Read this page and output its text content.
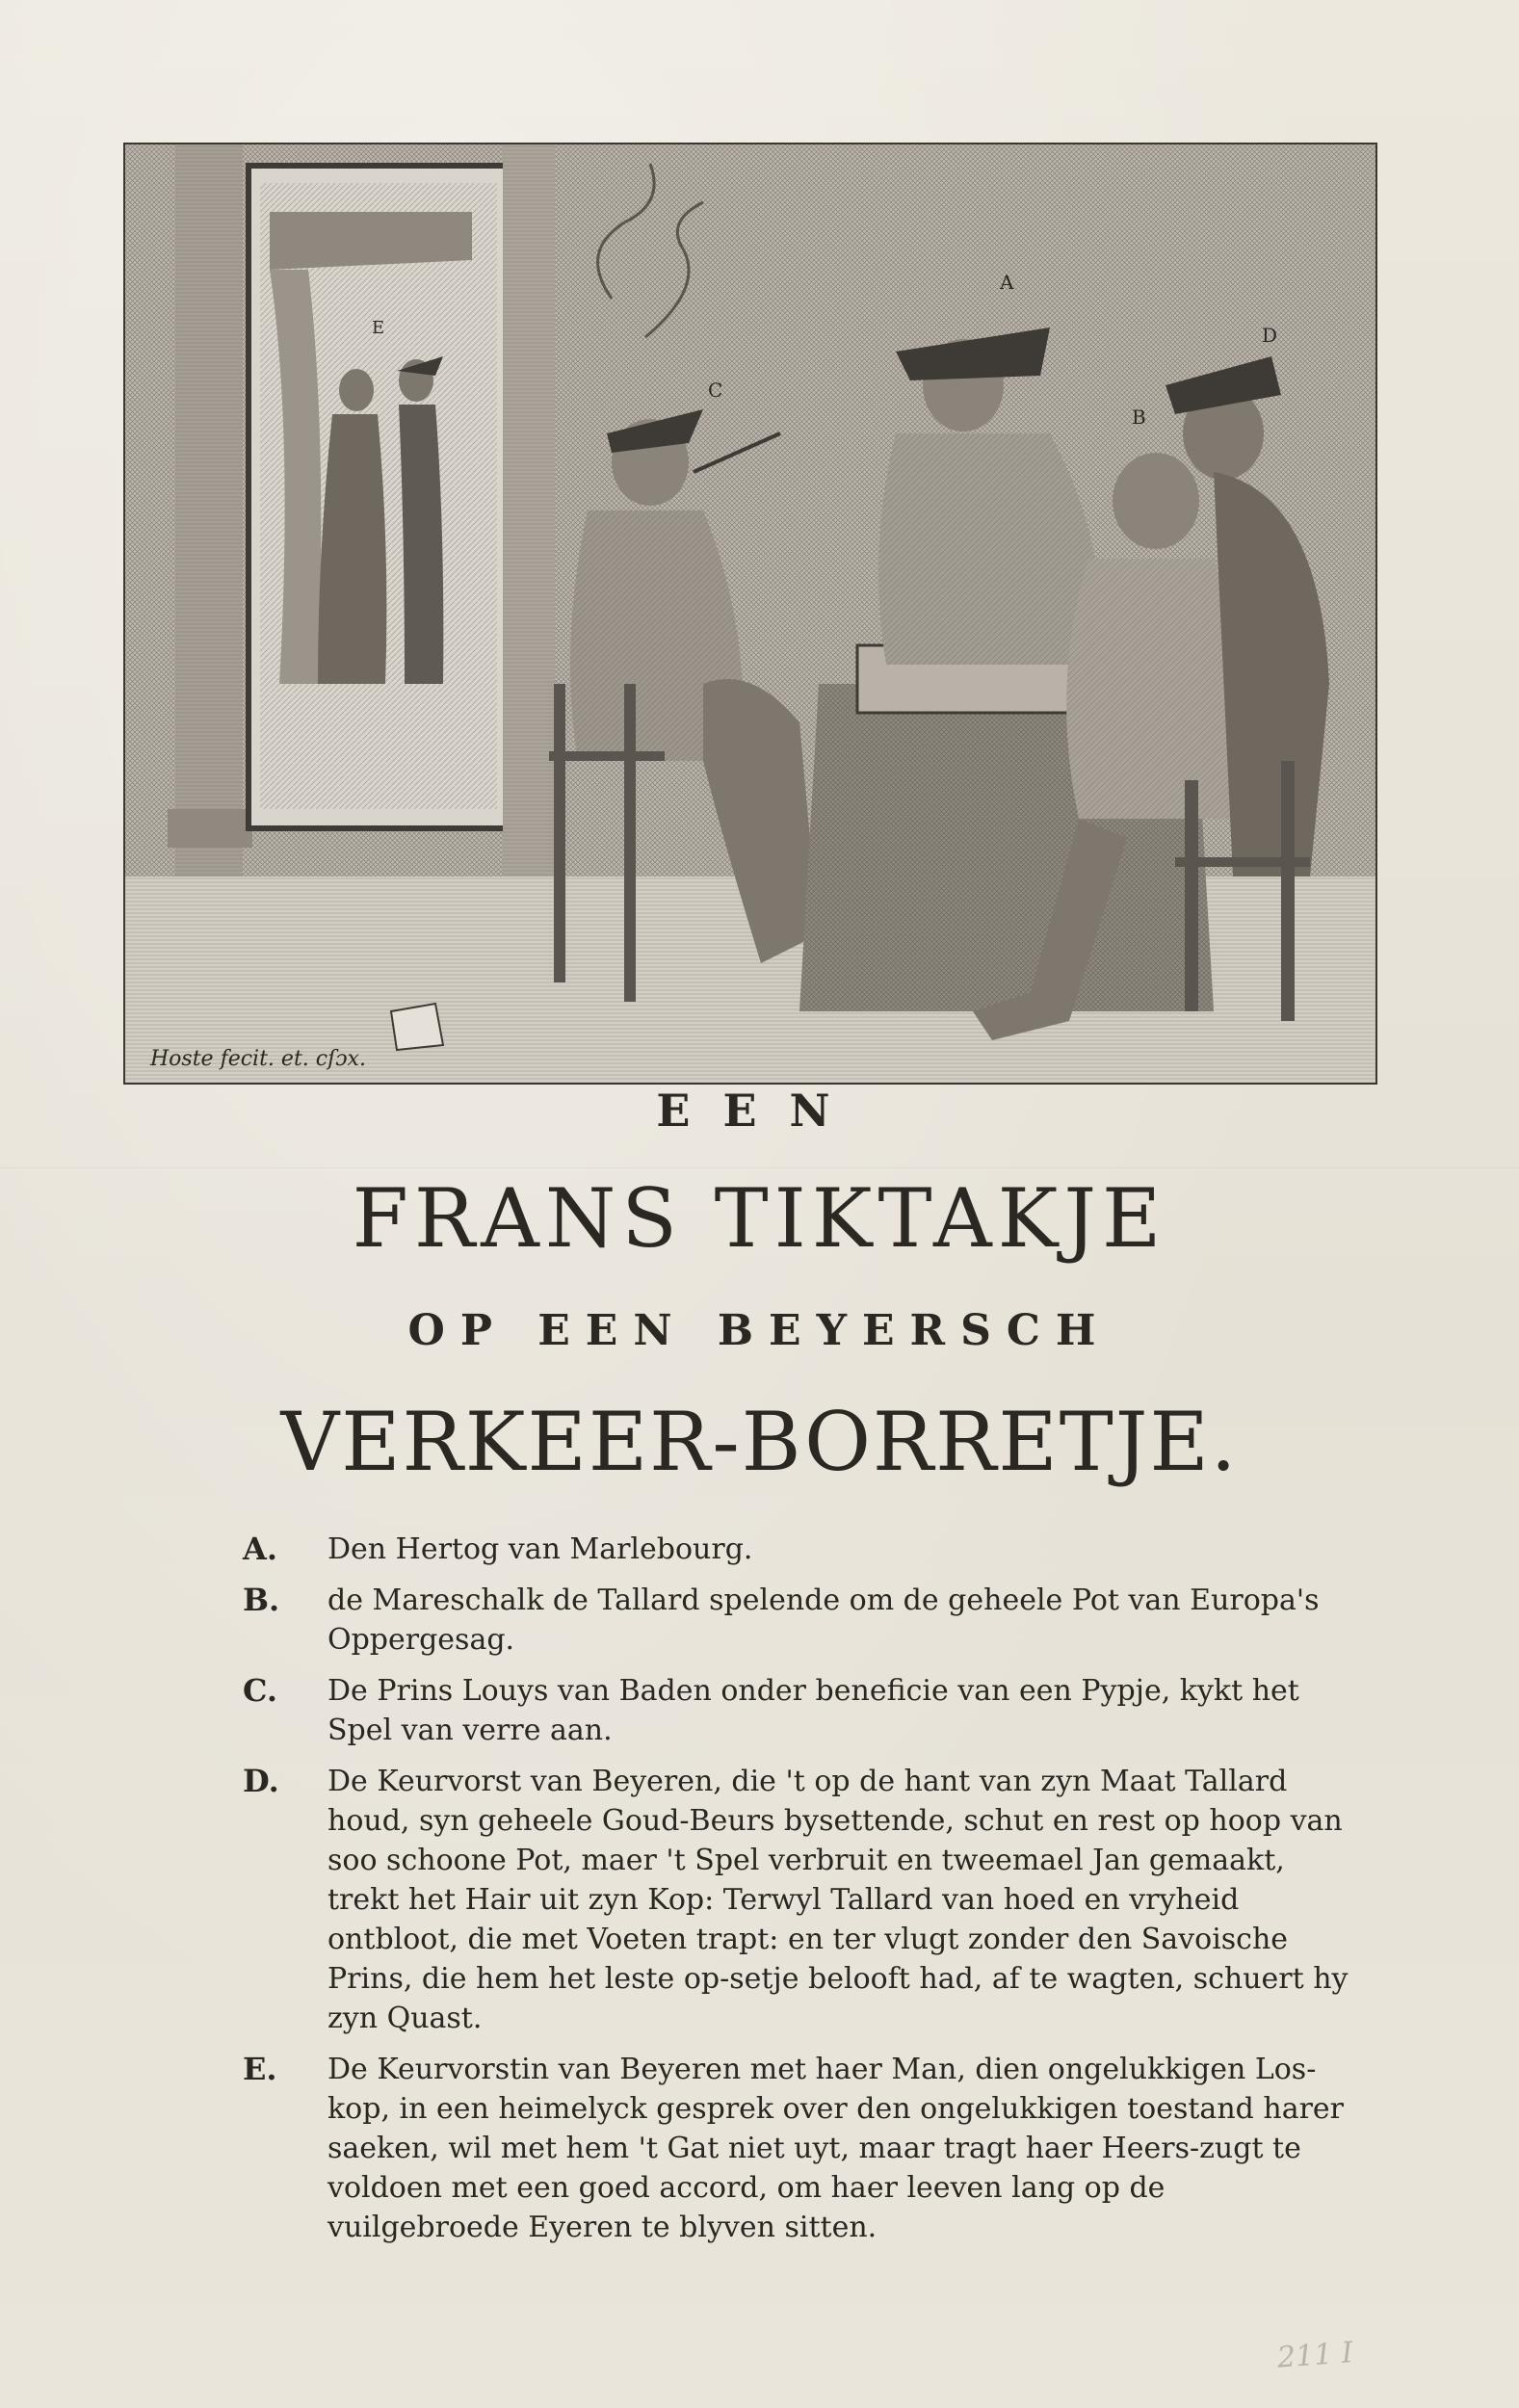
E
C
A
B
D
Hoste fecit. et. cſɔx.
EEN
FRANS TIKTAKJE
OP EEN BEYERSCH
VERKEER-BORRETJE.
A.	Den Hertog van Marlebourg.
B.	de Mareschalk de Tallard spelende om de geheele Pot van Europa's Oppergesag.
C.	De Prins Louys van Baden onder beneficie van een Pypje, kykt het Spel van verre aan.
D.	De Keurvorst van Beyeren, die 't op de hant van zyn Maat Tallard houd, syn geheele Goud-Beurs bysettende, schut en rest op hoop van soo schoone Pot, maer 't Spel verbruit en tweemael Jan gemaakt, trekt het Hair uit zyn Kop: Terwyl Tallard van hoed en vryheid ontbloot, die met Voeten trapt: en ter vlugt zonder den Savoische Prins, die hem het leste op-setje belooft had, af te wagten, schuert hy zyn Quast.
E.	De Keurvorstin van Beyeren met haer Man, dien ongelukkigen Los-kop, in een heimelyck gesprek over den ongelukkigen toestand harer saeken, wil met hem 't Gat niet uyt, maar tragt haer Heers-zugt te voldoen met een goed accord, om haer leeven lang op de vuilgebroede Eyeren te blyven sitten.
211 I
